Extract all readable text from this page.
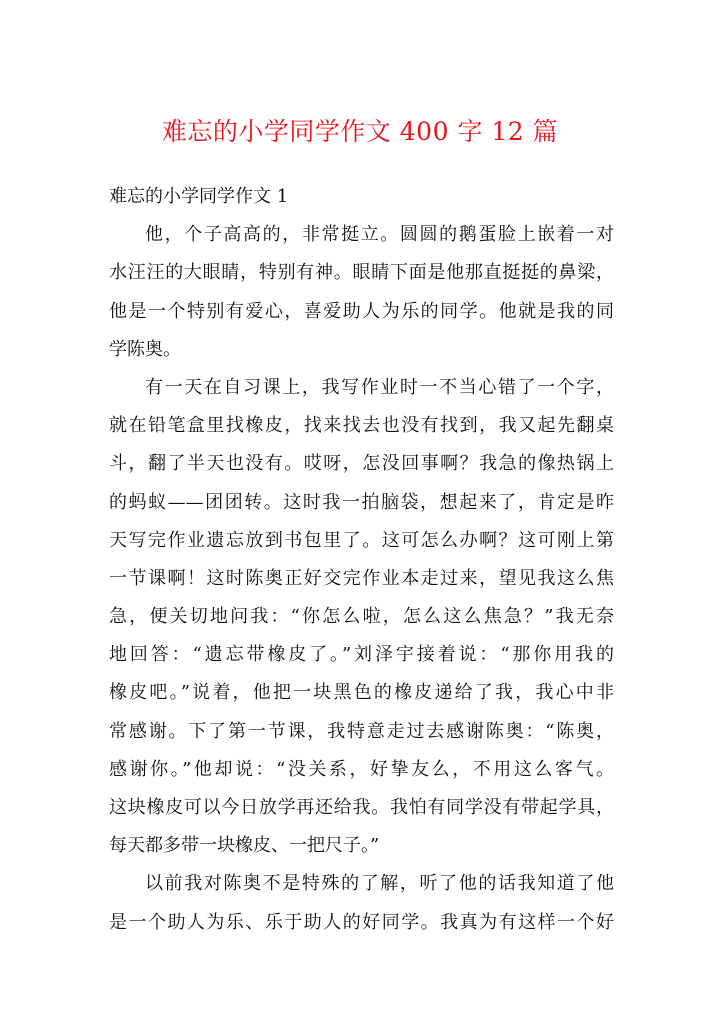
难忘的小学同学作文 400 字 12 篇
难忘的小学同学作文 1
他，个子高高的，非常挺立。圆圆的鹅蛋脸上嵌着一对
水汪汪的大眼睛，特别有神。眼睛下面是他那直挺挺的鼻梁，
他是一个特别有爱心，喜爱助人为乐的同学。他就是我的同
学陈奥。
有一天在自习课上，我写作业时一不当心错了一个字，
就在铅笔盒里找橡皮，找来找去也没有找到，我又起先翻桌
斗，翻了半天也没有。哎呀，怎没回事啊？我急的像热锅上
的蚂蚁——团团转。这时我一拍脑袋，想起来了，肯定是昨
天写完作业遗忘放到书包里了。这可怎么办啊？这可刚上第
一节课啊！这时陈奥正好交完作业本走过来，望见我这么焦
急，便关切地问我：“你怎么啦，怎么这么焦急？”我无奈
地回答：“遗忘带橡皮了。”刘泽宇接着说：“那你用我的
橡皮吧。”说着，他把一块黑色的橡皮递给了我，我心中非
常感谢。下了第一节课，我特意走过去感谢陈奥：“陈奥，
感谢你。”他却说：“没关系，好挚友么，不用这么客气。
这块橡皮可以今日放学再还给我。我怕有同学没有带起学具，
每天都多带一块橡皮、一把尺子。”
以前我对陈奥不是特殊的了解，听了他的话我知道了他
是一个助人为乐、乐于助人的好同学。我真为有这样一个好
